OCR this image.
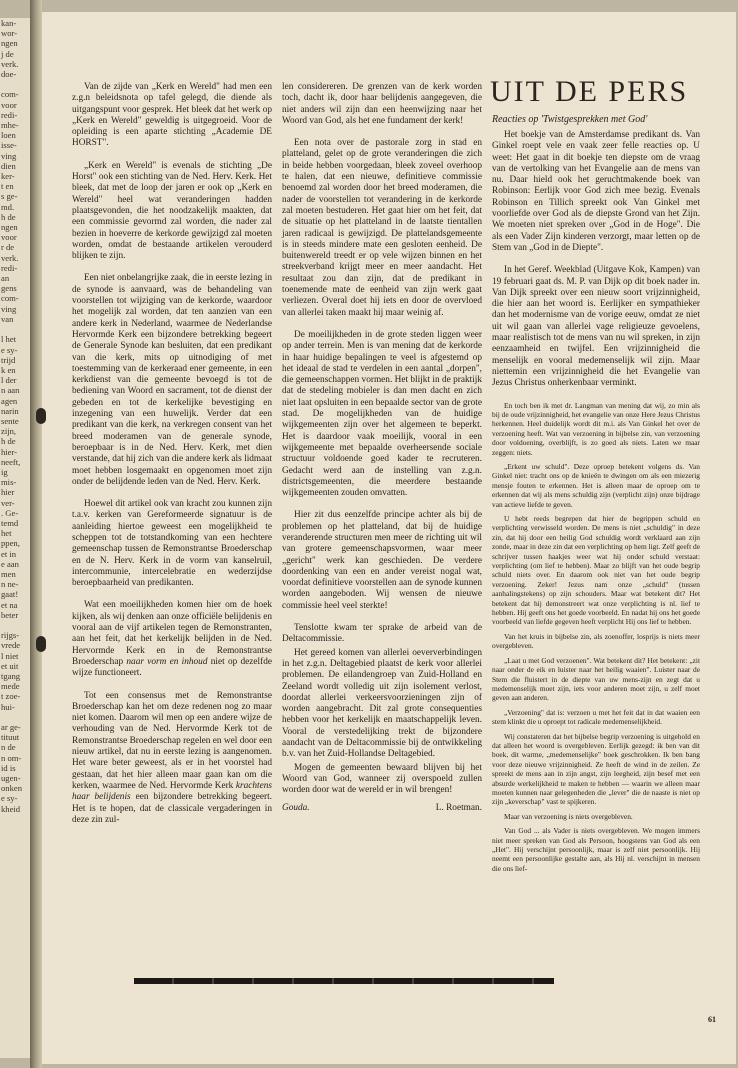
kan-
wor-
ngen
j de
verk.
doe-

com-
voor
redi-
mhe-
loen
isse-
ving
dien
ker-
t en
s ge-
md.
h de
ngen
voor
r de
verk.
redi-
an
gens
com-
ving
van

l het
e sy-
trijd
k en
l der
n aan
agen
narin
sente
zijn,
h de
hier-
neeft,
ig
mis-
hier
ver-
. Ge-
temd
het
ppen,
et in
e aan
men
n ne-
gaat!
et na
beter

rijgs-
vrede
l niet
et uit
tgang
mede
t zoe-
hui-

ar ge-
tituut
n de
n om-
id is
ugen-
onken
e sy-
kheid

Van de zijde van „Kerk en Wereld" had men een z.g.n beleidsnota op tafel gelegd, die diende als uitgangspunt voor gesprek. Het bleek dat het werk op „Kerk en Wereld" geweldig is uitgegroeid. Voor de opleiding is een aparte stichting „Academie DE HORST".

„Kerk en Wereld" is evenals de stichting „De Horst" ook een stichting van de Ned. Herv. Kerk. Het bleek, dat met de loop der jaren er ook op „Kerk en Wereld" heel wat veranderingen hadden plaatsgevonden, die het noodzakelijk maakten, dat een commissie gevormd zal worden, die nader zal bezien in hoeverre de kerkorde gewijzigd zal moeten worden, omdat de bestaande artikelen verouderd blijken te zijn.

Een niet onbelangrijke zaak, die in eerste lezing in de synode is aanvaard, was de behandeling van voorstellen tot wijziging van de kerkorde, waardoor het mogelijk zal worden, dat ten aanzien van een andere kerk in Nederland, waarmee de Nederlandse Hervormde Kerk een bijzondere betrekking begeert de Generale Synode kan besluiten, dat een predikant van die kerk, mits op uitnodiging of met toestemming van de kerkeraad ener gemeente, in een kerkdienst van die gemeente bevoegd is tot de bediening van Woord en sacrament, tot de dienst der gebeden en tot de kerkelijke bevestiging en inzegening van een huwelijk. Verder dat een predikant van die kerk, na verkregen consent van het breed moderamen van de generale synode, beroepbaar is in de Ned. Herv. Kerk, met dien verstande, dat hij zich van die andere kerk als lidmaat moet hebben losgemaakt en opgenomen moet zijn onder de belijdende leden van de Ned. Herv. Kerk.

Hoewel dit artikel ook van kracht zou kunnen zijn t.a.v. kerken van Gereformeerde signatuur is de aanleiding hiertoe geweest een mogelijkheid te scheppen tot de totstandkoming van een hechtere gemeenschap tussen de Remonstrantse Broederschap en de N. Herv. Kerk in de vorm van kanselruil, intercommunie, intercelebratie en wederzijdse beroepbaarheid van predikanten.

Wat een moeilijkheden komen hier om de hoek kijken, als wij denken aan onze officiële belijdenis en vooral aan de vijf artikelen tegen de Remonstranten, aan het feit, dat het kerkelijk belijden in de Ned. Hervormde Kerk en in de Remonstrantse Broederschap naar vorm en inhoud niet op dezelfde wijze functioneert.

Tot een consensus met de Remonstrantse Broederschap kan het om deze redenen nog zo maar niet komen. Daarom wil men op een andere wijze de verhouding van de Ned. Hervormde Kerk tot de Remonstrantse Broederschap regelen en wel door een nieuw artikel, dat nu in eerste lezing is aangenomen. Het ware beter geweest, als er in het voorstel had gestaan, dat het hier alleen maar gaan kan om die kerken, waarmee de Ned. Hervormde Kerk krachtens haar belijdenis een bijzondere betrekking begeert. Het is te hopen, dat de classicale vergaderingen in deze zin zul-

len considereren. De grenzen van de kerk worden toch, dacht ik, door haar belijdenis aangegeven, die niet anders wil zijn dan een heenwijzing naar het Woord van God, als het ene fundament der kerk!

Een nota over de pastorale zorg in stad en platteland, gelet op de grote veranderingen die zich in beide hebben voorgedaan, bleek zoveel overhoop te halen, dat een nieuwe, definitieve commissie benoemd zal worden door het breed moderamen, die nader de voorstellen tot verandering in de kerkorde zal moeten bestuderen. Het gaat hier om het feit, dat de situatie op het platteland in de laatste tientallen jaren radicaal is gewijzigd. De plattelandsgemeente is in steeds mindere mate een gesloten eenheid. De buitenwereld treedt er op vele wijzen binnen en het streekverband krijgt meer en meer aandacht. Het resultaat zou dan zijn, dat de predikant in toenemende mate de eenheid van zijn werk gaat verliezen. Overal doet hij iets en door de overvloed van allerlei taken maakt hij maar weinig af.

De moeilijkheden in de grote steden liggen weer op ander terrein. Men is van mening dat de kerkorde in haar huidige bepalingen te veel is afgestemd op het ideaal de stad te verdelen in een aantal „dorpen", die gemeenschappen vormen. Het blijkt in de praktijk dat de stedeling mobieler is dan men dacht en zich niet laat opsluiten in een bepaalde sector van de grote stad. De mogelijkheden van de huidige wijkgemeenten zijn over het algemeen te beperkt. Het is daardoor vaak moeilijk, vooral in een wijkgemeente met bepaalde overheersende sociale structuur voldoende goed kader te recruteren. Gedacht werd aan de instelling van z.g.n. districtsgemeenten, die meerdere bestaande wijkgemeenten zouden omvatten.

Hier zit dus eenzelfde principe achter als bij de problemen op het platteland, dat bij de huidige veranderende structuren men meer de richting uit wil van grotere gemeenschapsvormen, waar meer „gericht" werk kan geschieden. De verdere doordenking van een en ander vereist nogal wat, voordat definitieve voorstellen aan de synode kunnen worden aangeboden. Wij wensen de nieuwe commissie heel veel sterkte!

Tenslotte kwam ter sprake de arbeid van de Deltacommissie.

Het gereed komen van allerlei oeververbindingen in het z.g.n. Deltagebied plaatst de kerk voor allerlei problemen. De eilandengroep van Zuid-Holland en Zeeland wordt volledig uit zijn isolement verlost, doordat allerlei verkeersvoorzieningen zijn of worden aangebracht. Dit zal grote consequenties hebben voor het kerkelijk en maatschappelijk leven. Vooral de verstedelijking trekt de bijzondere aandacht van de Deltacommissie bij de ontwikkeling b.v. van het Zuid-Hollandse Deltagebied.

Mogen de gemeenten bewaard blijven bij het Woord van God, wanneer zij overspoeld zullen worden door wat de wereld er in wil brengen!

Gouda.	L. Roetman.
UIT DE PERS

Reacties op 'Twistgesprekken met God'

Het boekje van de Amsterdamse predikant ds. Van Ginkel roept vele en vaak zeer felle reacties op. U weet: Het gaat in dit boekje ten diepste om de vraag van de vertolking van het Evangelie aan de mens van nu. Daar hield ook het geruchtmakende boek van Robinson: Eerlijk voor God zich mee bezig. Evenals Robinson en Tillich spreekt ook Van Ginkel met voorliefde over God als de diepste Grond van het Zijn. We moeten niet spreken over „God in de Hoge". Die als een Vader Zijn kinderen verzorgt, maar letten op de Stem van „God in de Diepte".

In het Geref. Weekblad (Uitgave Kok, Kampen) van 19 februari gaat ds. M. P. van Dijk op dit boek nader in. Van Dijk spreekt over een nieuw soort vrijzinnigheid, die hier aan het woord is. Eerlijker en sympathieker dan het modernisme van de vorige eeuw, omdat ze niet uit wil gaan van allerlei vage religieuze gevoelens, maar realistisch tot de mens van nu wil spreken, in zijn eenzaamheid en twijfel. Een vrijzinnigheid die menselijk en vooral medemenselijk wil zijn. Maar niettemin een vrijzinnigheid die het Evangelie van Jezus Christus onherkenbaar verminkt.

En toch ben ik met dr. Langman van mening dat wij, zo min als bij de oude vrijzinnigheid, het evangelie van onze Here Jezus Christus herkennen. Heel duidelijk wordt dit m.i. als Van Ginkel het over de verzoening heeft. Wat van verzoening in bijbelse zin, van verzoening door voldoening, overblijft, is zo goed als niets. Laten we maar zeggen: niets.

„Erkent uw schuld". Deze oproep betekent volgens ds. Van Ginkel niet: tracht ons op de knieën te dwingen om als een miezerig mensje fouten te erkennen. Het is alleen maar de oproep om te erkennen dat wij als mens schuldig zijn (verplicht zijn) onze bijdrage van actieve liefde te geven.

U hebt reeds begrepen dat hier de begrippen schuld en verplichting verwisseld worden. De mens is niet „schuldig" in deze zin, dat hij door een heilig God schuldig wordt verklaard aan zijn zonde, maar in deze zin dat een verplichting op hem ligt. Zelf geeft de schrijver tussen haakjes weer wat hij onder schuld verstaat: verplichting (om lief te hebben). Maar zo blijft van het oude begrip schuld niets over. En daarom ook niet van het oude begrip verzoening. Zeker! Jezus nam onze „schuld" (tussen aanhalingstekens) op zijn schouders. Maar wat betekent dit? Het betekent dat hij demonstreert wat onze verplichting is nl. lief te hebben. Hij geeft ons het goede voorbeeld. En nadat hij ons het goede voorbeeld van liefde gegeven heeft verplicht Hij ons lief te hebben.

Van het kruis in bijbelse zin, als zoenoffer, losprijs is niets meer overgebleven.

„Laat u met God verzoenen". Wat betekent dit? Het betekent: „zit naar onder de eik en luister naar het heilig waaien". Luister naar de Stem die fluistert in de diepte van uw mens-zijn en zegt dat u medemenselijk moet zijn, iets voor anderen moet zijn, u zelf moet geven aan anderen.

„Verzoening" dat is: verzoen u met het feit dat in dat waaien een stem klinkt die u oproept tot radicale medemenselijkheid.

Wij constateren dat het bijbelse begrip verzoening is uitgehold en dat alleen het woord is overgebleven. Eerlijk gezegd: ik ben van dit boek, dit warme, „medemenselijke" boek geschrokken. Ik ben bang voor deze nieuwe vrijzinnigheid. Ze heeft de wind in de zeilen. Ze spreekt de mens aan in zijn angst, zijn leegheid, zijn besef met een absurde werkelijkheid te maken te hebben — waarin we alleen maar moeten kunnen naar gelegenheden die „lever" die de naaste is niet op zijn „keverschap" vast te spijkeren.

Maar van verzoening is niets overgebleven.

Van God ... als Vader is niets overgebleven. We mogen immers niet meer spreken van God als Persoon, hoogstens van God als een „Het". Hij verschijnt persoonlijk, maar is zelf niet persoonlijk. Hij neemt een persoonlijke gestalte aan, als Hij nl. verschijnt in mensen die ons lief-

61
